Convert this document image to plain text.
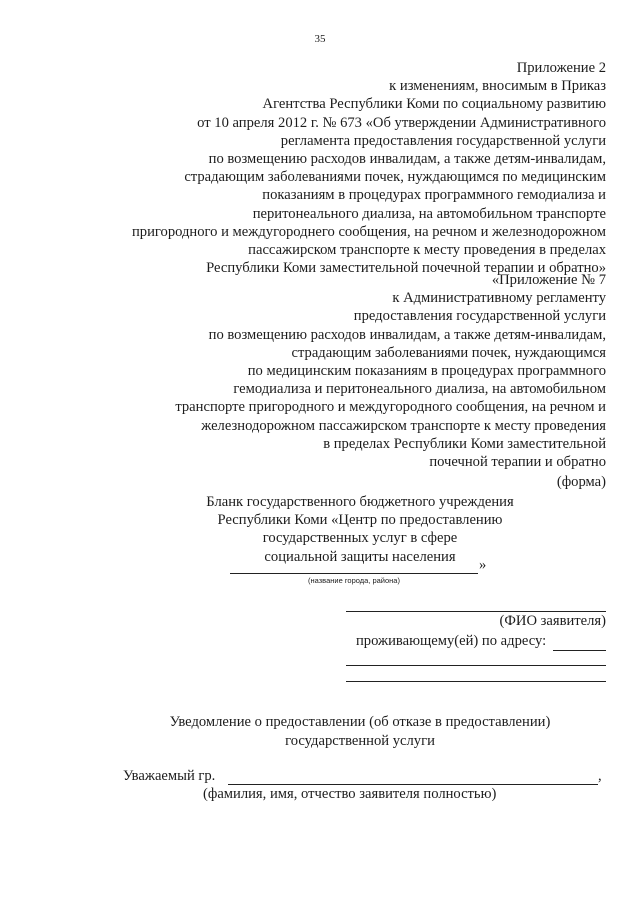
35
Приложение 2
к изменениям, вносимым в Приказ
Агентства Республики Коми по социальному развитию
от 10 апреля 2012 г. № 673 «Об утверждении Административного
регламента предоставления государственной услуги
по возмещению расходов инвалидам, а также детям-инвалидам,
страдающим заболеваниями почек, нуждающимся по медицинским
показаниям в процедурах программного гемодиализа и
перитонеального диализа, на автомобильном транспорте
пригородного и междугороднего сообщения, на речном и железнодорожном
пассажирском транспорте к месту проведения в пределах
Республики Коми заместительной почечной терапии и обратно»
«Приложение № 7
к Административному регламенту
предоставления государственной услуги
по возмещению расходов инвалидам, а также детям-инвалидам,
страдающим заболеваниями почек, нуждающимся
по медицинским показаниям в процедурах программного
гемодиализа и перитонеального диализа, на автомобильном
транспорте пригородного и междугородного сообщения, на речном и
железнодорожном пассажирском транспорте к месту проведения
в пределах Республики Коми заместительной
почечной терапии и обратно
(форма)
Бланк государственного бюджетного учреждения
Республики Коми «Центр по предоставлению
государственных услуг в сфере
социальной защиты населения
»
(название города, района)
(ФИО заявителя)
проживающему(ей) по адресу:
Уведомление о предоставлении (об отказе в предоставлении)
государственной услуги
Уважаемый гр.	,
(фамилия, имя, отчество заявителя полностью)
